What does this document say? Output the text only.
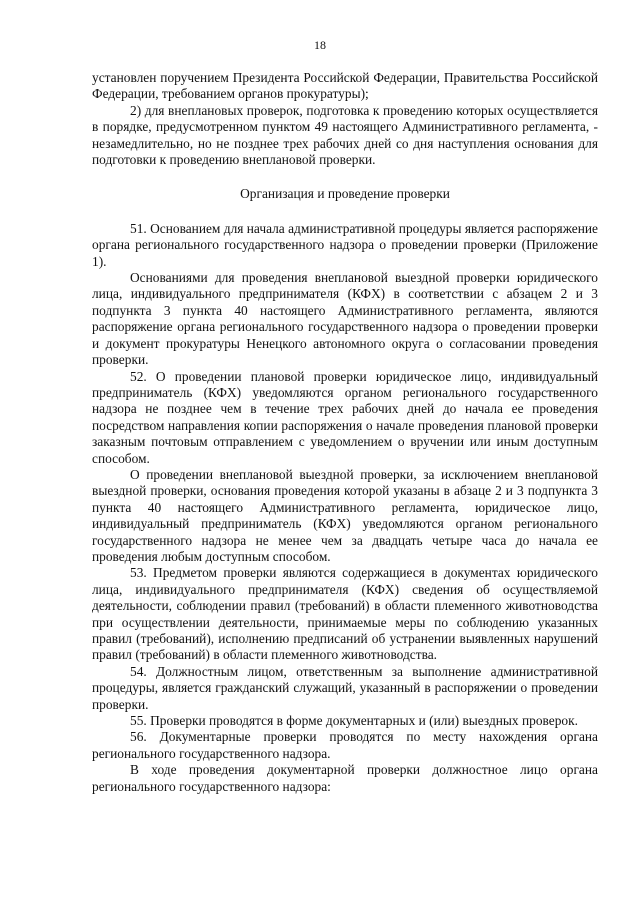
18

установлен поручением Президента Российской Федерации, Правительства Российской Федерации, требованием органов прокуратуры);

2) для внеплановых проверок, подготовка к проведению которых осуществляется в порядке, предусмотренном пунктом 49 настоящего Административного регламента, - незамедлительно, но не позднее трех рабочих дней со дня наступления основания для подготовки к проведению внеплановой проверки.

Организация и проведение проверки

51. Основанием для начала административной процедуры является распоряжение органа регионального государственного надзора о проведении проверки (Приложение 1).

Основаниями для проведения внеплановой выездной проверки юридического лица, индивидуального предпринимателя (КФХ) в соответствии с абзацем 2 и 3 подпункта 3 пункта 40 настоящего Административного регламента, являются распоряжение органа регионального государственного надзора о проведении проверки и документ прокуратуры Ненецкого автономного округа о согласовании проведения проверки.

52. О проведении плановой проверки юридическое лицо, индивидуальный предприниматель (КФХ) уведомляются органом регионального государственного надзора не позднее чем в течение трех рабочих дней до начала ее проведения посредством направления копии распоряжения о начале проведения плановой проверки заказным почтовым отправлением с уведомлением о вручении или иным доступным способом.

О проведении внеплановой выездной проверки, за исключением внеплановой выездной проверки, основания проведения которой указаны в абзаце 2 и 3 подпункта 3 пункта 40 настоящего Административного регламента, юридическое лицо, индивидуальный предприниматель (КФХ) уведомляются органом регионального государственного надзора не менее чем за двадцать четыре часа до начала ее проведения любым доступным способом.

53. Предметом проверки являются содержащиеся в документах юридического лица, индивидуального предпринимателя (КФХ) сведения об осуществляемой деятельности, соблюдении правил (требований) в области племенного животноводства при осуществлении деятельности, принимаемые меры по соблюдению указанных правил (требований), исполнению предписаний об устранении выявленных нарушений правил (требований) в области племенного животноводства.

54. Должностным лицом, ответственным за выполнение административной процедуры, является гражданский служащий, указанный в распоряжении о проведении проверки.

55. Проверки проводятся в форме документарных и (или) выездных проверок.

56. Документарные проверки проводятся по месту нахождения органа регионального государственного надзора.

В ходе проведения документарной проверки должностное лицо органа регионального государственного надзора:
